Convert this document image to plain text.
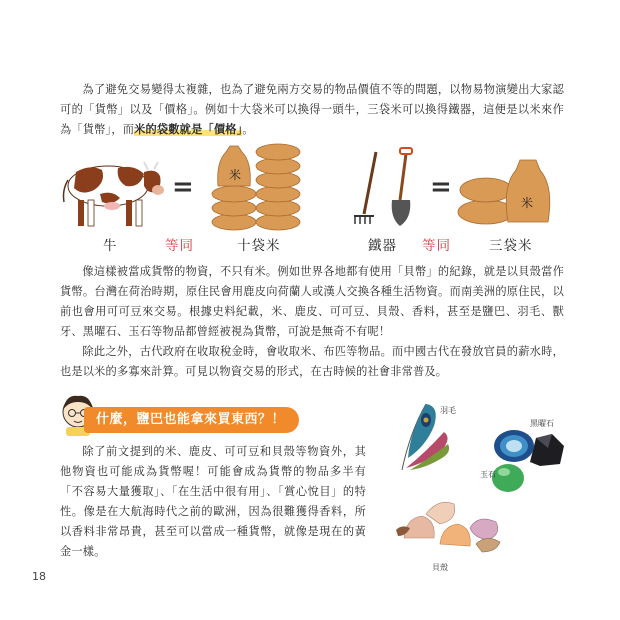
為了避免交易變得太複雜，也為了避免兩方交易的物品價值不等的問題，以物易物演變出大家認可的「貨幣」以及「價格」。例如十大袋米可以換得一頭牛，三袋米可以換得鐵器，這便是以米來作為「貨幣」，而米的袋數就是「價格」。

=	米	=
米
牛	等同	十袋米	鐵器 等同	三袋米

像這樣被當成貨幣的物資，不只有米。例如世界各地都有使用「貝幣」的紀錄，就是以貝殼當作貨幣。台灣在荷治時期，原住民會用鹿皮向荷蘭人或漢人交換各種生活物資。而南美洲的原住民，以前也會用可可豆來交易。根據史料紀載，米、鹿皮、可可豆、貝殼、香料，甚至是鹽巴、羽毛、獸牙、黑曜石、玉石等物品都曾經被視為貨幣，可說是無奇不有呢！

除此之外，古代政府在收取稅金時，會收取米、布匹等物品。而中國古代在發放官員的薪水時，也是以米的多寡來計算。可見以物資交易的形式，在古時候的社會非常普及。

什麼，鹽巴也能拿來買東西？！

除了前文提到的米、鹿皮、可可豆和貝殼等物資外，其他物資也可能成為貨幣喔！可能會成為貨幣的物品多半有「不容易大量獲取」、「在生活中很有用」、「賞心悅目」的特性。像是在大航海時代之前的歐洲，因為很難獲得香料，所以香料非常昂貴，甚至可以當成一種貨幣，就像是現在的黃金一樣。

羽毛
黑曜石
玉石
貝殼
18
